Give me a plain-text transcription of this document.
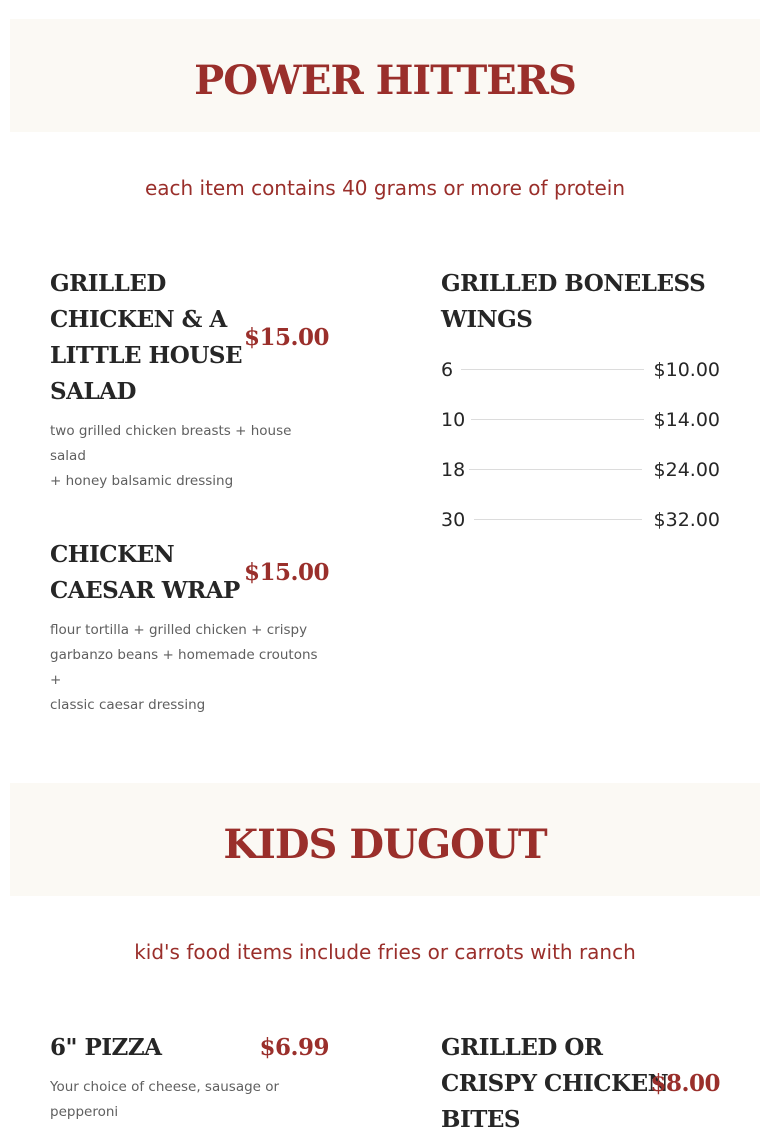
POWER HITTERS
each item contains 40 grams or more of protein
GRILLED
CHICKEN & A
LITTLE HOUSE
SALAD
$15.00
two grilled chicken breasts + house salad
+ honey balsamic dressing
CHICKEN
CAESAR WRAP
$15.00
flour tortilla + grilled chicken + crispy
garbanzo beans + homemade croutons +
classic caesar dressing
GRILLED BONELESS
WINGS
6	$10.00
10	$14.00
18	$24.00
30	$32.00
KIDS DUGOUT
kid's food items include fries or carrots with ranch
6" PIZZA	$6.99
Your choice of cheese, sausage or
pepperoni
GRILLED OR
CRISPY CHICKEN
BITES
$8.00
